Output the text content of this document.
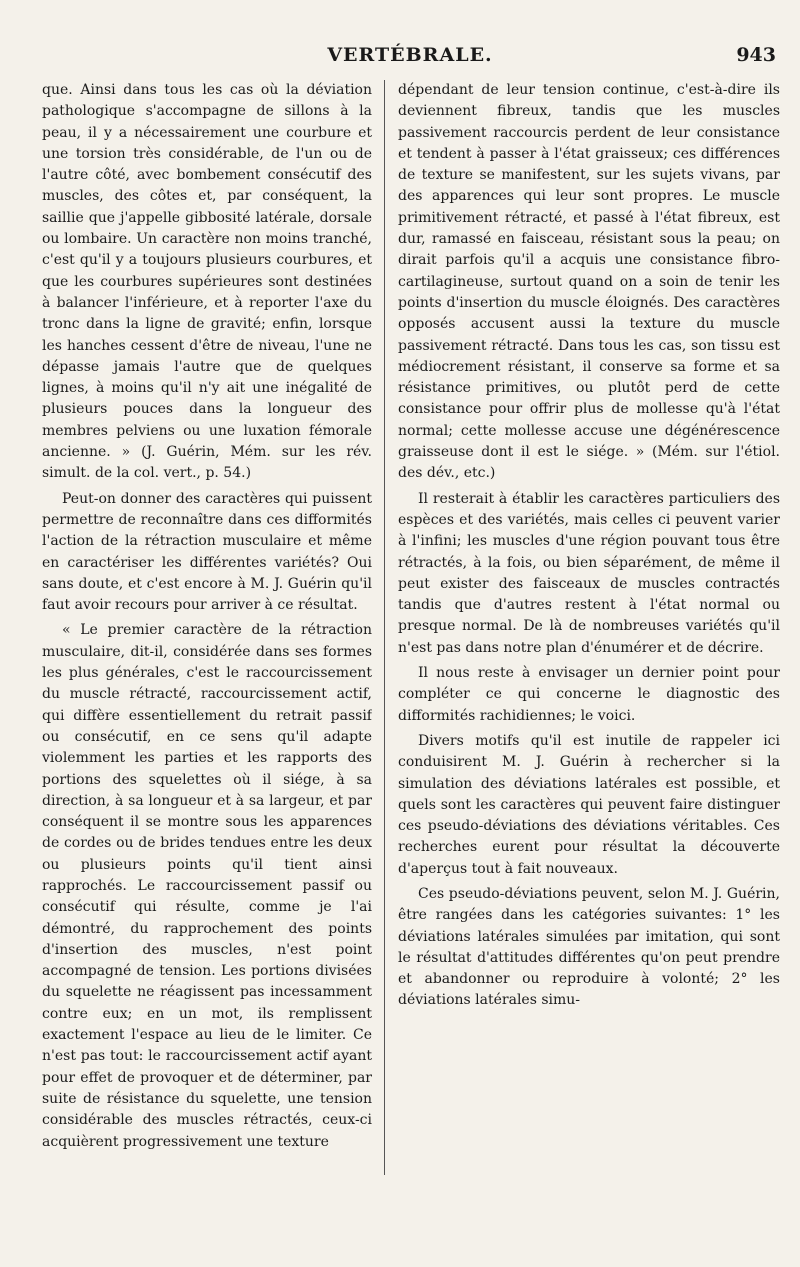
VERTÉBRALE.	943

que. Ainsi dans tous les cas où la déviation pathologique s'accompagne de sillons à la peau, il y a nécessairement une courbure et une torsion très considérable, de l'un ou de l'autre côté, avec bombement consécutif des muscles, des côtes et, par conséquent, la saillie que j'appelle gibbosité latérale, dorsale ou lombaire. Un caractère non moins tranché, c'est qu'il y a toujours plusieurs courbures, et que les courbures supérieures sont destinées à balancer l'inférieure, et à reporter l'axe du tronc dans la ligne de gravité; enfin, lorsque les hanches cessent d'être de niveau, l'une ne dépasse jamais l'autre que de quelques lignes, à moins qu'il n'y ait une inégalité de plusieurs pouces dans la longueur des membres pelviens ou une luxation fémorale ancienne. » (J. Guérin, Mém. sur les rév. simult. de la col. vert., p. 54.)

Peut-on donner des caractères qui puissent permettre de reconnaître dans ces difformités l'action de la rétraction musculaire et même en caractériser les différentes variétés? Oui sans doute, et c'est encore à M. J. Guérin qu'il faut avoir recours pour arriver à ce résultat.

« Le premier caractère de la rétraction musculaire, dit-il, considérée dans ses formes les plus générales, c'est le raccourcissement du muscle rétracté, raccourcissement actif, qui diffère essentiellement du retrait passif ou consécutif, en ce sens qu'il adapte violemment les parties et les rapports des portions des squelettes où il siége, à sa direction, à sa longueur et à sa largeur, et par conséquent il se montre sous les apparences de cordes ou de brides tendues entre les deux ou plusieurs points qu'il tient ainsi rapprochés. Le raccourcissement passif ou consécutif qui résulte, comme je l'ai démontré, du rapprochement des points d'insertion des muscles, n'est point accompagné de tension. Les portions divisées du squelette ne réagissent pas incessamment contre eux; en un mot, ils remplissent exactement l'espace au lieu de le limiter. Ce n'est pas tout: le raccourcissement actif ayant pour effet de provoquer et de déterminer, par suite de résistance du squelette, une tension considérable des muscles rétractés, ceux-ci acquièrent progressivement une texture

dépendant de leur tension continue, c'est-à-dire ils deviennent fibreux, tandis que les muscles passivement raccourcis perdent de leur consistance et tendent à passer à l'état graisseux; ces différences de texture se manifestent, sur les sujets vivans, par des apparences qui leur sont propres. Le muscle primitivement rétracté, et passé à l'état fibreux, est dur, ramassé en faisceau, résistant sous la peau; on dirait parfois qu'il a acquis une consistance fibro-cartilagineuse, surtout quand on a soin de tenir les points d'insertion du muscle éloignés. Des caractères opposés accusent aussi la texture du muscle passivement rétracté. Dans tous les cas, son tissu est médiocrement résistant, il conserve sa forme et sa résistance primitives, ou plutôt perd de cette consistance pour offrir plus de mollesse qu'à l'état normal; cette mollesse accuse une dégénérescence graisseuse dont il est le siége. » (Mém. sur l'étiol. des dév., etc.)

Il resterait à établir les caractères particuliers des espèces et des variétés, mais celles ci peuvent varier à l'infini; les muscles d'une région pouvant tous être rétractés, à la fois, ou bien séparément, de même il peut exister des faisceaux de muscles contractés tandis que d'autres restent à l'état normal ou presque normal. De là de nombreuses variétés qu'il n'est pas dans notre plan d'énumérer et de décrire.

Il nous reste à envisager un dernier point pour compléter ce qui concerne le diagnostic des difformités rachidiennes; le voici.

Divers motifs qu'il est inutile de rappeler ici conduisirent M. J. Guérin à rechercher si la simulation des déviations latérales est possible, et quels sont les caractères qui peuvent faire distinguer ces pseudo-déviations des déviations véritables. Ces recherches eurent pour résultat la découverte d'aperçus tout à fait nouveaux.

Ces pseudo-déviations peuvent, selon M. J. Guérin, être rangées dans les catégories suivantes: 1° les déviations latérales simulées par imitation, qui sont le résultat d'attitudes différentes qu'on peut prendre et abandonner ou reproduire à volonté; 2° les déviations latérales simu-
